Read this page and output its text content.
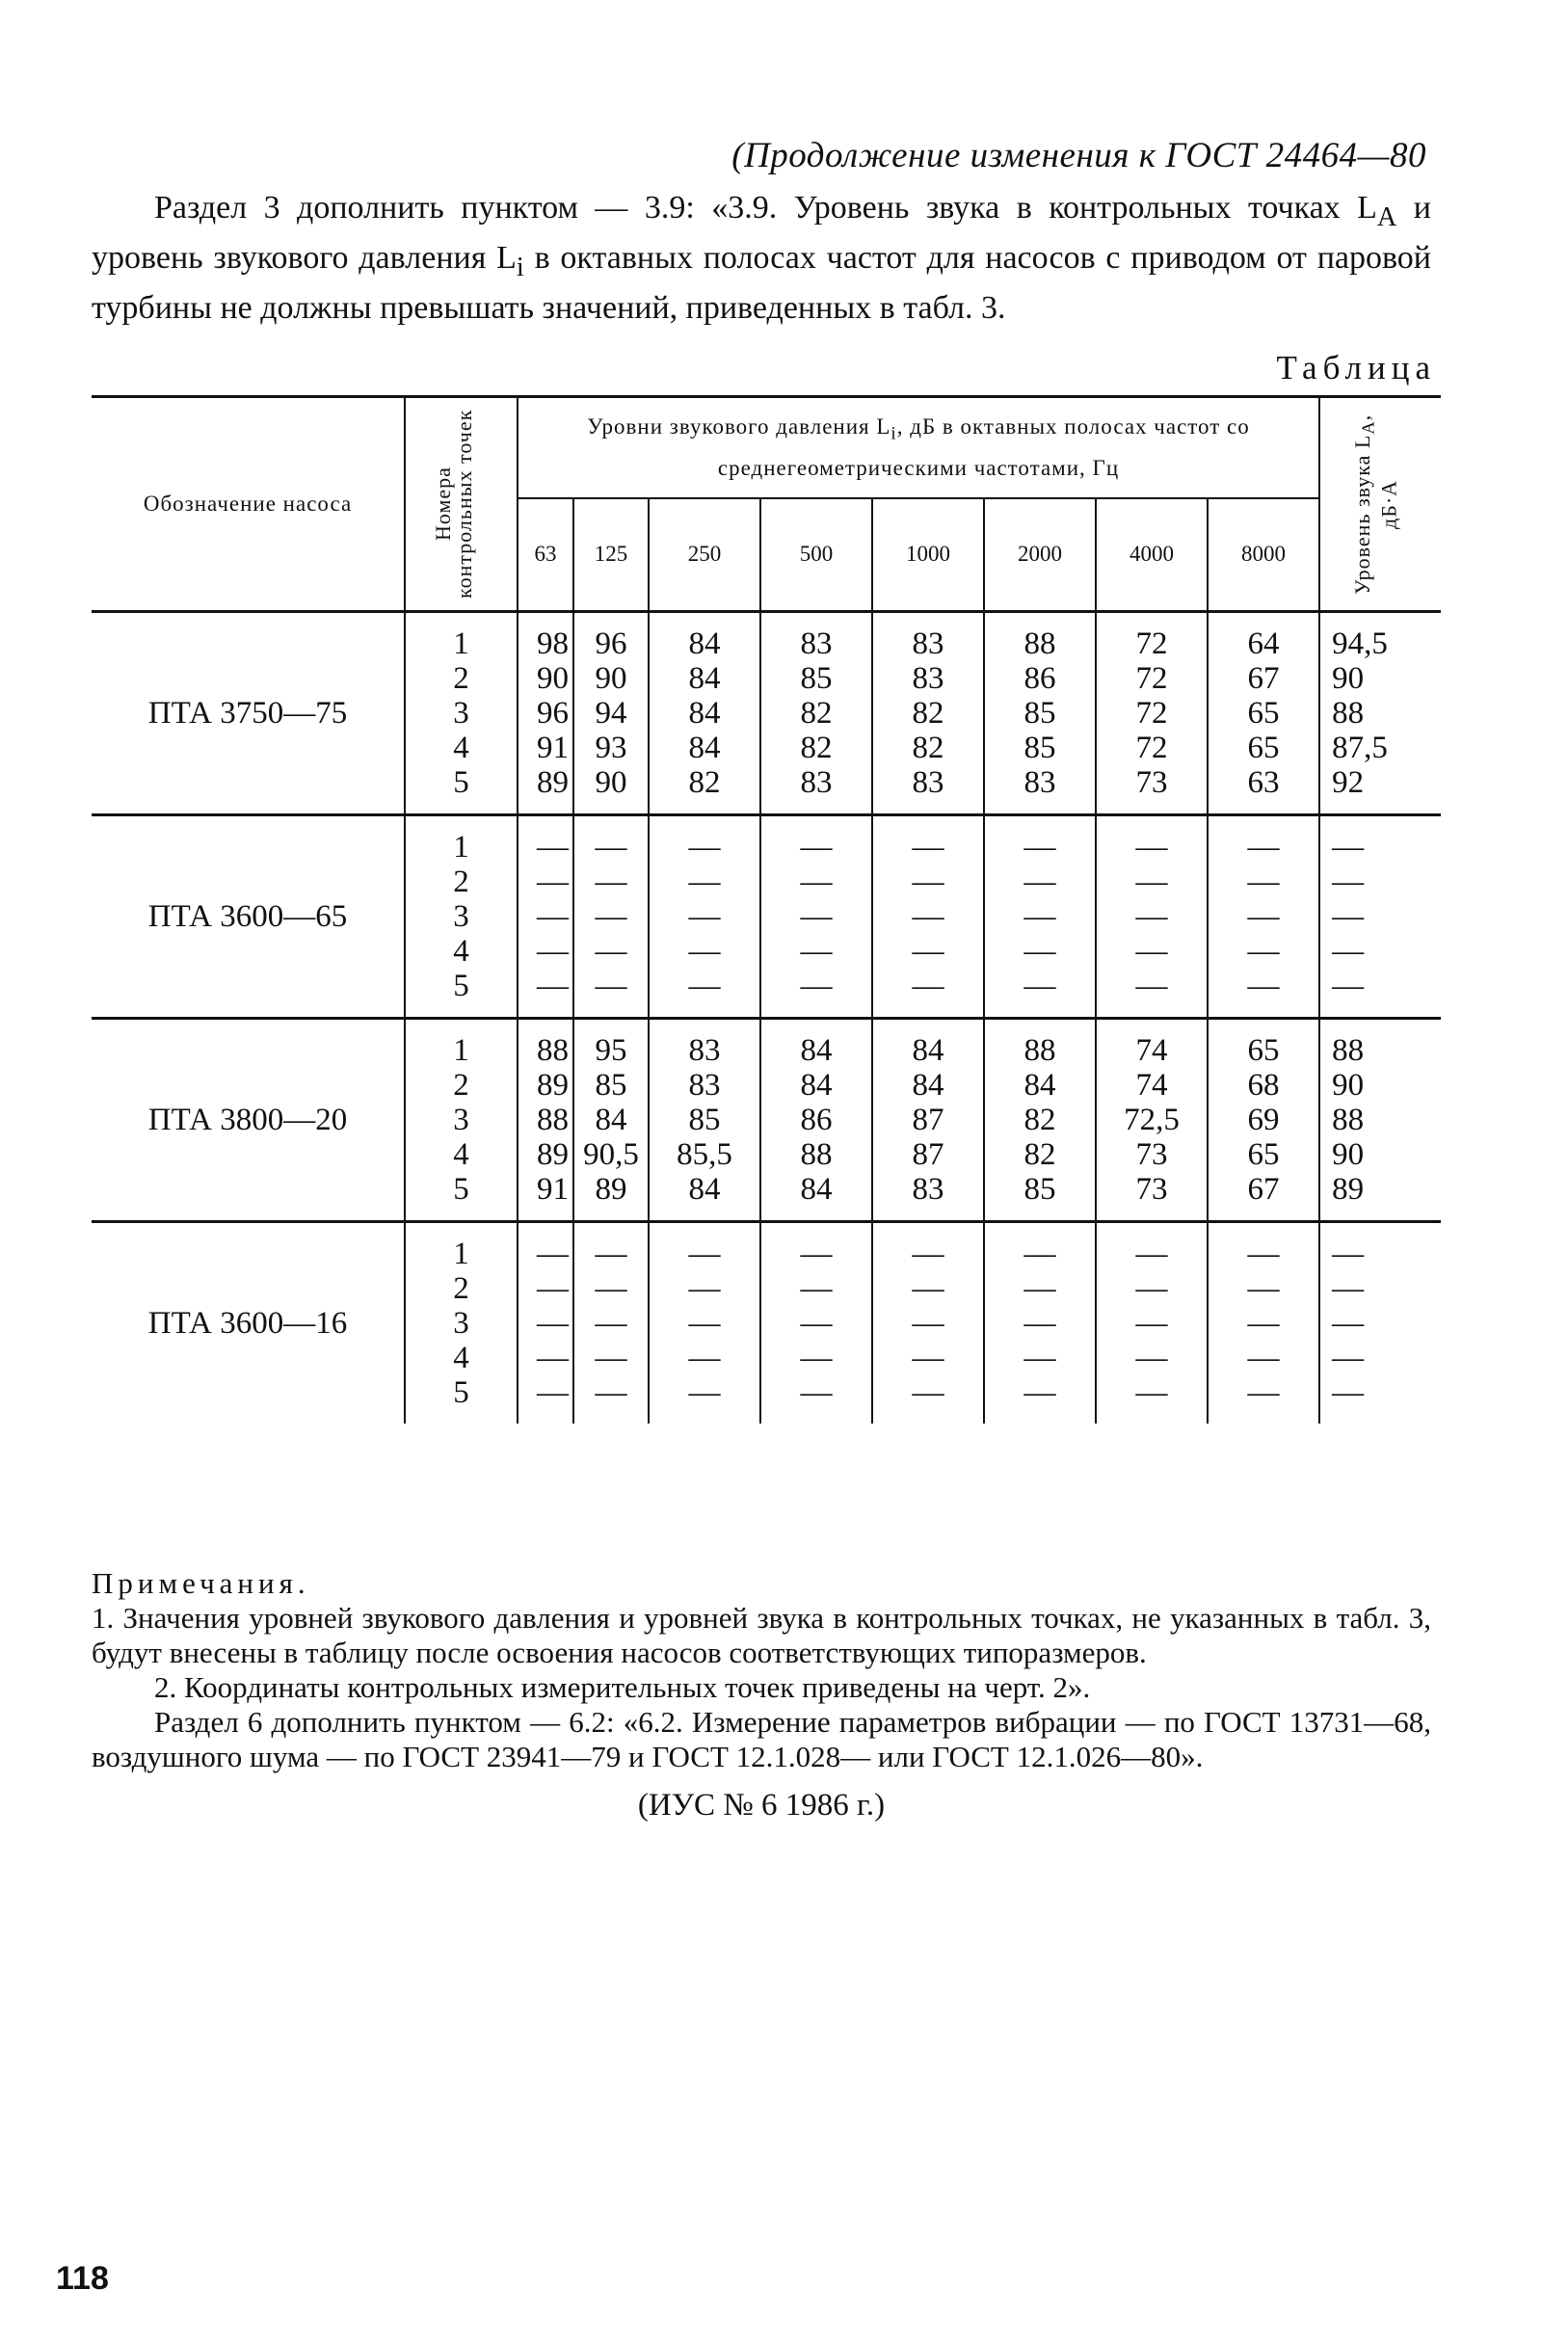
(Продолжение изменения к ГОСТ 24464—80
Раздел 3 дополнить пунктом — 3.9: «3.9. Уровень звука в контрольных точках $L_A$ и уровень звукового давления $L_i$ в октавных полосах частот для насосов с приводом от паровой турбины не должны превышать значений, приведенных в табл. 3.
Таблица
Обозначение насоса	Номера контрольных точек	Уровни звукового давления $L_i$, дБ в октавных полосах частот со среднегеометрическими частотами, Гц								Уровень звука $L_A$, дБ·А

		63	125	250	500	1000	2000	4000	8000	

ПТА 3750—75	1	98	96	84	83	83	88	72	64	94,5
	2	90	90	84	85	83	86	72	67	90
	3	96	94	84	82	82	85	72	65	88
	4	91	93	84	82	82	85	72	65	87,5
	5	89	90	82	83	83	83	73	63	92

ПТА 3600—65	1	—	—	—	—	—	—	—	—	—
	2	—	—	—	—	—	—	—	—	—
	3	—	—	—	—	—	—	—	—	—
	4	—	—	—	—	—	—	—	—	—
	5	—	—	—	—	—	—	—	—	—

ПТА 3800—20	1	88	95	83	84	84	88	74	65	88
	2	89	85	83	84	84	84	74	68	90
	3	88	84	85	86	87	82	72,5	69	88
	4	89	90,5	85,5	88	87	82	73	65	90
	5	91	89	84	84	83	85	73	67	89

ПТА 3600—16	1	—	—	—	—	—	—	—	—	—
	2	—	—	—	—	—	—	—	—	—
	3	—	—	—	—	—	—	—	—	—
	4	—	—	—	—	—	—	—	—	—
	5	—	—	—	—	—	—	—	—	—

Примечания.

1. Значения уровней звукового давления и уровней звука в контрольных точках, не указанных в табл. 3, будут внесены в таблицу после освоения насосов соответствующих типоразмеров.

2. Координаты контрольных измерительных точек приведены на черт. 2».

Раздел 6 дополнить пунктом — 6.2: «6.2. Измерение параметров вибрации — по ГОСТ 13731—68, воздушного шума — по ГОСТ 23941—79 и ГОСТ 12.1.028— или ГОСТ 12.1.026—80».

(ИУС № 6 1986 г.)

118
